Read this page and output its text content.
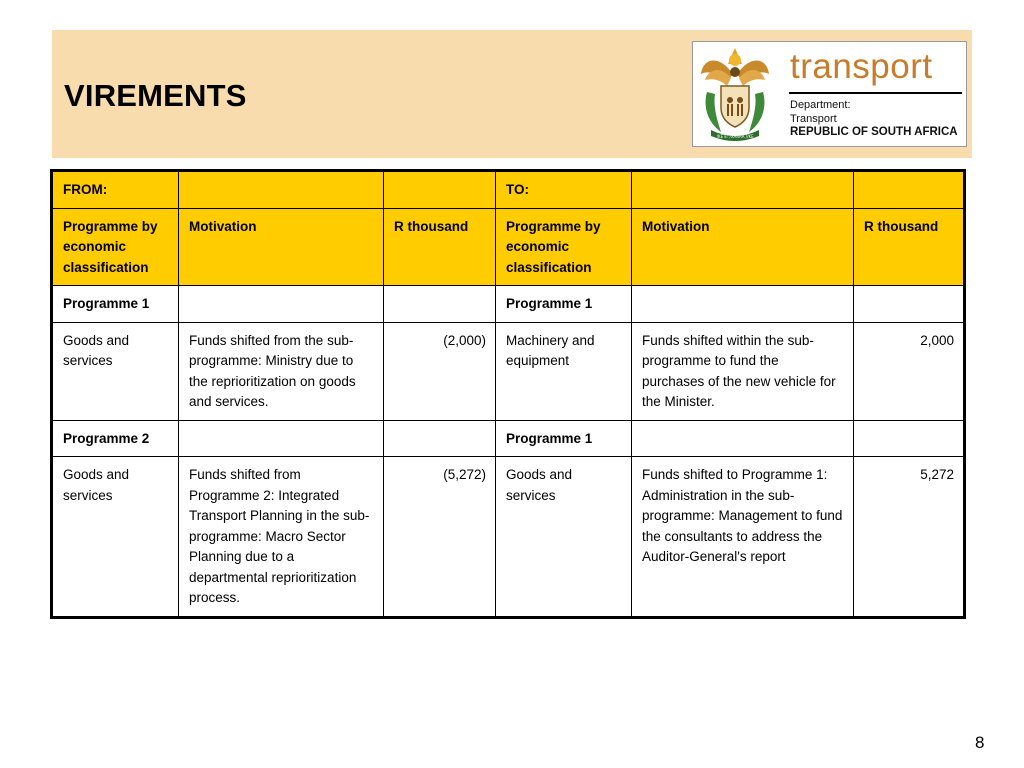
VIREMENTS
!KE E: /XARRA //KE
transport
Department:
Transport
REPUBLIC OF SOUTH AFRICA
FROM:			TO:		
Programme by economic classification	Motivation	R thousand	Programme by economic classification	Motivation	R thousand
Programme 1			Programme 1		
Goods and services	Funds shifted from the sub-programme: Ministry due to the reprioritization on goods and services.	(2,000)	Machinery and equipment	Funds shifted within the sub-programme to fund the purchases of the new vehicle for the Minister.	2,000
Programme 2			Programme 1		
Goods and services	Funds shifted from Programme 2: Integrated Transport Planning in the sub-programme: Macro Sector Planning due to a departmental reprioritization process.	(5,272)	Goods and services	Funds shifted to Programme 1: Administration in the sub-programme: Management to fund the consultants to address the Auditor-General's report	5,272
8
